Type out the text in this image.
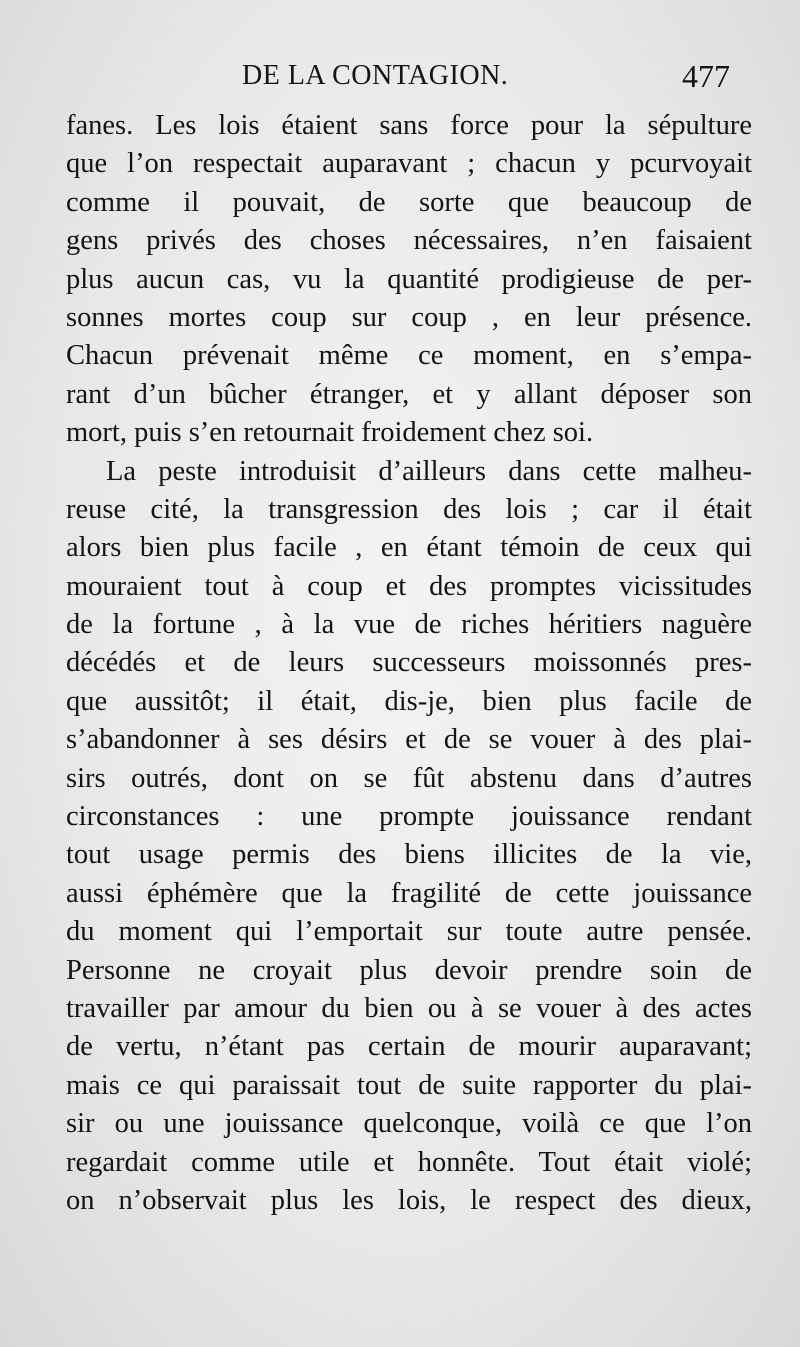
DE LA CONTAGION.	477
fanes. Les lois étaient sans force pour la sépulture
que l’on respectait auparavant ; chacun y pcurvoyait
comme il pouvait, de sorte que beaucoup de
gens privés des choses nécessaires, n’en faisaient
plus aucun cas, vu la quantité prodigieuse de per-
sonnes mortes coup sur coup , en leur présence.
Chacun prévenait même ce moment, en s’empa-
rant d’un bûcher étranger, et y allant déposer son
mort, puis s’en retournait froidement chez soi.
La peste introduisit d’ailleurs dans cette malheu-
reuse cité, la transgression des lois ; car il était
alors bien plus facile , en étant témoin de ceux qui
mouraient tout à coup et des promptes vicissitudes
de la fortune , à la vue de riches héritiers naguère
décédés et de leurs successeurs moissonnés pres-
que aussitôt; il était, dis-je, bien plus facile de
s’abandonner à ses désirs et de se vouer à des plai-
sirs outrés, dont on se fût abstenu dans d’autres
circonstances : une prompte jouissance rendant
tout usage permis des biens illicites de la vie,
aussi éphémère que la fragilité de cette jouissance
du moment qui l’emportait sur toute autre pensée.
Personne ne croyait plus devoir prendre soin de
travailler par amour du bien ou à se vouer à des actes
de vertu, n’étant pas certain de mourir auparavant;
mais ce qui paraissait tout de suite rapporter du plai-
sir ou une jouissance quelconque, voilà ce que l’on
regardait comme utile et honnête. Tout était violé;
on n’observait plus les lois, le respect des dieux,
